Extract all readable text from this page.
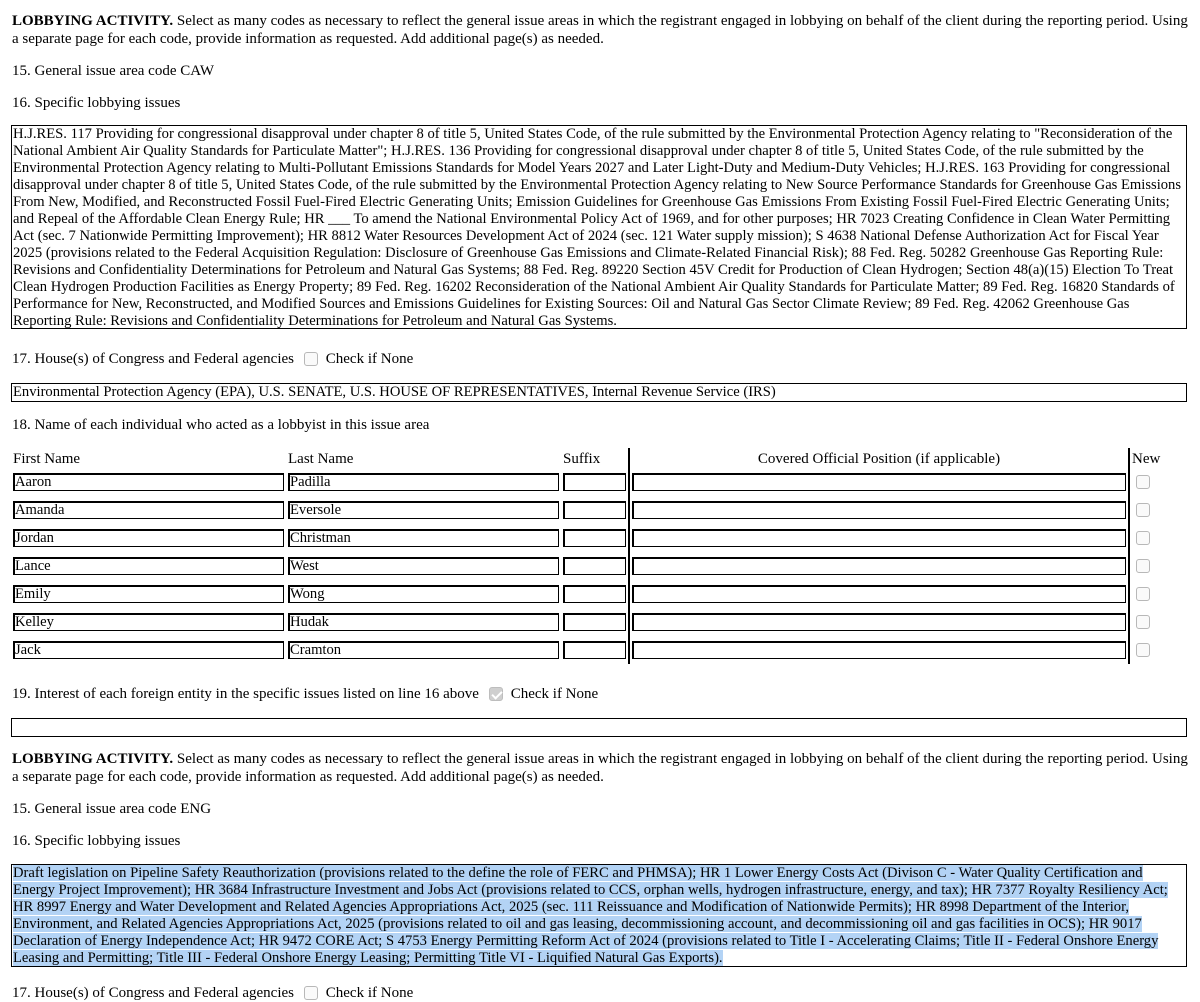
LOBBYING ACTIVITY. Select as many codes as necessary to reflect the general issue areas in which the registrant engaged in lobbying on behalf of the client during the reporting period. Using a separate page for each code, provide information as requested. Add additional page(s) as needed.
15. General issue area code CAW
16. Specific lobbying issues
H.J.RES. 117 Providing for congressional disapproval under chapter 8 of title 5, United States Code, of the rule submitted by the Environmental Protection Agency relating to "Reconsideration of the National Ambient Air Quality Standards for Particulate Matter"; H.J.RES. 136 Providing for congressional disapproval under chapter 8 of title 5, United States Code, of the rule submitted by the Environmental Protection Agency relating to Multi-Pollutant Emissions Standards for Model Years 2027 and Later Light-Duty and Medium-Duty Vehicles; H.J.RES. 163 Providing for congressional disapproval under chapter 8 of title 5, United States Code, of the rule submitted by the Environmental Protection Agency relating to New Source Performance Standards for Greenhouse Gas Emissions From New, Modified, and Reconstructed Fossil Fuel-Fired Electric Generating Units; Emission Guidelines for Greenhouse Gas Emissions From Existing Fossil Fuel-Fired Electric Generating Units; and Repeal of the Affordable Clean Energy Rule; HR ___ To amend the National Environmental Policy Act of 1969, and for other purposes; HR 7023 Creating Confidence in Clean Water Permitting Act (sec. 7 Nationwide Permitting Improvement); HR 8812 Water Resources Development Act of 2024 (sec. 121 Water supply mission); S 4638 National Defense Authorization Act for Fiscal Year 2025 (provisions related to the Federal Acquisition Regulation: Disclosure of Greenhouse Gas Emissions and Climate-Related Financial Risk); 88 Fed. Reg. 50282 Greenhouse Gas Reporting Rule: Revisions and Confidentiality Determinations for Petroleum and Natural Gas Systems; 88 Fed. Reg. 89220 Section 45V Credit for Production of Clean Hydrogen; Section 48(a)(15) Election To Treat Clean Hydrogen Production Facilities as Energy Property; 89 Fed. Reg. 16202 Reconsideration of the National Ambient Air Quality Standards for Particulate Matter; 89 Fed. Reg. 16820 Standards of Performance for New, Reconstructed, and Modified Sources and Emissions Guidelines for Existing Sources: Oil and Natural Gas Sector Climate Review; 89 Fed. Reg. 42062 Greenhouse Gas Reporting Rule: Revisions and Confidentiality Determinations for Petroleum and Natural Gas Systems.
17. House(s) of Congress and Federal agencies Check if None
Environmental Protection Agency (EPA), U.S. SENATE, U.S. HOUSE OF REPRESENTATIVES, Internal Revenue Service (IRS)
18. Name of each individual who acted as a lobbyist in this issue area
First Name	Last Name	Suffix	Covered Official Position (if applicable)	New

Aaron	Padilla			

Amanda	Eversole			

Jordan	Christman			

Lance	West			

Emily	Wong			

Kelley	Hudak			

Jack	Cramton			

19. Interest of each foreign entity in the specific issues listed on line 16 above Check if None
LOBBYING ACTIVITY. Select as many codes as necessary to reflect the general issue areas in which the registrant engaged in lobbying on behalf of the client during the reporting period. Using a separate page for each code, provide information as requested. Add additional page(s) as needed.
15. General issue area code ENG
16. Specific lobbying issues
Draft legislation on Pipeline Safety Reauthorization (provisions related to the define the role of FERC and PHMSA); HR 1 Lower Energy Costs Act (Divison C - Water Quality Certification and Energy Project Improvement); HR 3684 Infrastructure Investment and Jobs Act (provisions related to CCS, orphan wells, hydrogen infrastructure, energy, and tax); HR 7377 Royalty Resiliency Act; HR 8997 Energy and Water Development and Related Agencies Appropriations Act, 2025 (sec. 111 Reissuance and Modification of Nationwide Permits); HR 8998 Department of the Interior, Environment, and Related Agencies Appropriations Act, 2025 (provisions related to oil and gas leasing, decommissioning account, and decommissioning oil and gas facilities in OCS); HR 9017 Declaration of Energy Independence Act; HR 9472 CORE Act; S 4753 Energy Permitting Reform Act of 2024 (provisions related to Title I - Accelerating Claims; Title II - Federal Onshore Energy Leasing and Permitting; Title III - Federal Onshore Energy Leasing; Permitting Title VI - Liquified Natural Gas Exports).
17. House(s) of Congress and Federal agencies Check if None
